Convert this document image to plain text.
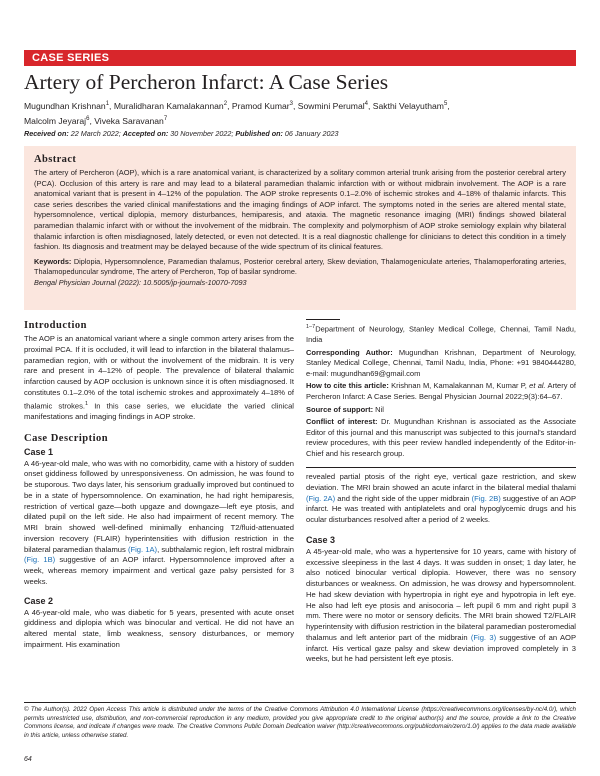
CASE SERIES
Artery of Percheron Infarct: A Case Series
Mugundhan Krishnan$^1$, Muralidharan Kamalakannan$^2$, Pramod Kumar$^3$, Sowmini Perumal$^4$, Sakthi Velayutham$^5$,
Malcolm Jeyaraj$^6$, Viveka Saravanan$^7$
Received on: 22 March 2022; Accepted on: 30 November 2022; Published on: 06 January 2023
Abstract
The artery of Percheron (AOP), which is a rare anatomical variant, is characterized by a solitary common arterial trunk arising from the posterior cerebral artery (PCA). Occlusion of this artery is rare and may lead to a bilateral paramedian thalamic infarction with or without midbrain involvement. The AOP is a rare anatomical variant that is present in 4–12% of the population. The AOP stroke represents 0.1–2.0% of ischemic strokes and 4–18% of thalamic infarcts. This case series describes the varied clinical manifestations and the imaging findings of AOP infarct. The symptoms noted in the series are altered mental state, hypersomnolence, vertical diplopia, memory disturbances, hemiparesis, and ataxia. The magnetic resonance imaging (MRI) findings showed bilateral paramedian thalamic infarct with or without the involvement of the midbrain. The complexity and polymorphism of AOP stroke semiology explain why bilateral thalamic infarction is often misdiagnosed, lately detected, or even not detected. It is a real diagnostic challenge for clinicians to detect this condition in a timely fashion. Its diagnosis and treatment may be delayed because of the wide spectrum of its clinical features.
Keywords: Diplopia, Hypersomnolence, Paramedian thalamus, Posterior cerebral artery, Skew deviation, Thalamogeniculate arteries, Thalamoperforating arteries, Thalamopeduncular syndrome, The artery of Percheron, Top of basilar syndrome.
Bengal Physician Journal (2022): 10.5005/jp-journals-10070-7093
Introduction

The AOP is an anatomical variant where a single common artery arises from the proximal PCA. If it is occluded, it will lead to infarction in the bilateral thalamus–paramedian region, with or without the involvement of the midbrain. It is very rare and present in 4–12% of people. The prevalence of bilateral thalamic infarction caused by AOP occlusion is unknown since it is often misdiagnosed. It constitutes 0.1–2.0% of the total ischemic strokes and approximately 4–18% of thalamic strokes.$^1$ In this case series, we elucidate the varied clinical manifestations and imaging findings in AOP stroke.

Case Description
Case 1

A 46-year-old male, who was with no comorbidity, came with a history of sudden onset giddiness followed by unresponsiveness. On admission, he was found to be stuporous. Two days later, his sensorium gradually improved but continued to be in a state of hypersomnolence. On examination, he had right hemiparesis, restriction of vertical gaze—both upgaze and downgaze—left eye ptosis, and dilated pupil on the left side. He also had impairment of recent memory. The MRI brain showed well-defined minimally enhancing T2/fluid-attenuated inversion recovery (FLAIR) hyperintensities with diffusion restriction in the bilateral paramedian thalamus (Fig. 1A), subthalamic region, left rostral midbrain (Fig. 1B) suggestive of an AOP infarct. Hypersomnolence improved after a week, whereas memory impairment and vertical gaze palsy persisted for 3 weeks.

Case 2

A 46-year-old male, who was diabetic for 5 years, presented with acute onset giddiness and diplopia which was binocular and vertical. He did not have an altered mental state, limb weakness, sensory disturbances, or memory impairment. His examination

$^{1-7}$Department of Neurology, Stanley Medical College, Chennai, Tamil Nadu, India

Corresponding Author: Mugundhan Krishnan, Department of Neurology, Stanley Medical College, Chennai, Tamil Nadu, India, Phone: +91 9840444280, e-mail: mugundhan69@gmail.com

How to cite this article: Krishnan M, Kamalakannan M, Kumar P, et al. Artery of Percheron Infarct: A Case Series. Bengal Physician Journal 2022;9(3):64–67.

Source of support: Nil

Conflict of interest: Dr. Mugundhan Krishnan is associated as the Associate Editor of this journal and this manuscript was subjected to this journal's standard review procedures, with this peer review handled independently of the Editor-in-Chief and his research group.

revealed partial ptosis of the right eye, vertical gaze restriction, and skew deviation. The MRI brain showed an acute infarct in the bilateral medial thalami (Fig. 2A) and the right side of the upper midbrain (Fig. 2B) suggestive of an AOP infarct. He was treated with antiplatelets and oral hypoglycemic drugs and his ocular disturbances resolved after a period of 2 weeks.

Case 3

A 45-year-old male, who was a hypertensive for 10 years, came with history of excessive sleepiness in the last 4 days. It was sudden in onset; 1 day later, he also noticed binocular vertical diplopia. However, there was no sensory disturbances or weakness. On admission, he was drowsy and hypersomnolent. He had skew deviation with hypertropia in right eye and hypotropia in left eye. He also had left eye ptosis and anisocoria – left pupil 6 mm and right pupil 3 mm. There were no motor or sensory deficits. The MRI brain showed T2/FLAIR hyperintensity with diffusion restriction in the bilateral paramedian posteromedial thalamus and left anterior part of the midbrain (Fig. 3) suggestive of an AOP infarct. His vertical gaze palsy and skew deviation improved completely in 3 weeks, but he had persistent left eye ptosis.

© The Author(s). 2022 Open Access This article is distributed under the terms of the Creative Commons Attribution 4.0 International License (https://creativecommons.org/licenses/by-nc/4.0/), which permits unrestricted use, distribution, and non-commercial reproduction in any medium, provided you give appropriate credit to the original author(s) and the source, provide a link to the Creative Commons license, and indicate if changes were made. The Creative Commons Public Domain Dedication waiver (http://creativecommons.org/publicdomain/zero/1.0/) applies to the data made available in this article, unless otherwise stated.
64
